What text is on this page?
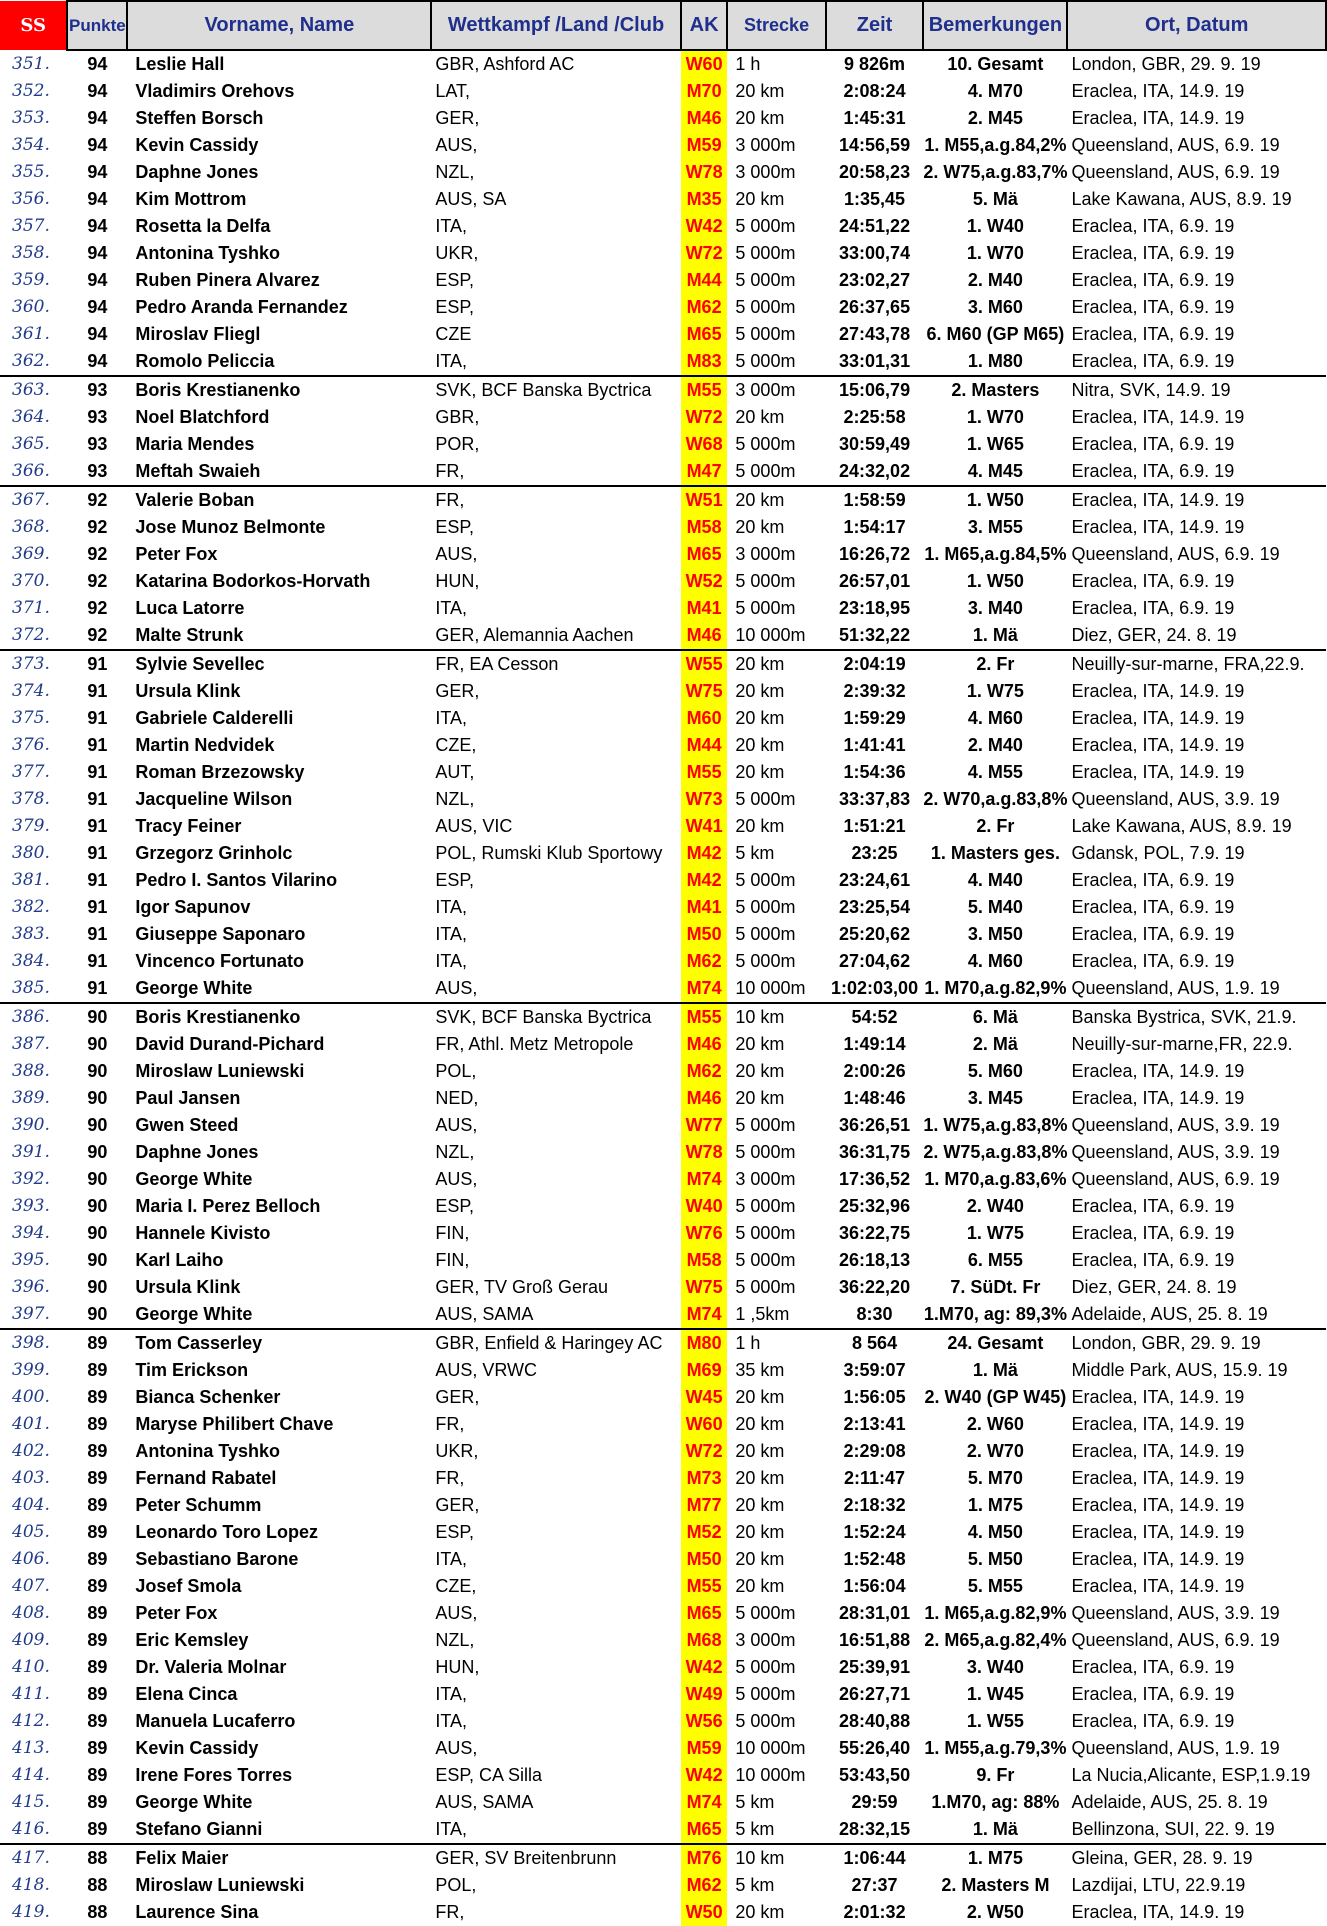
SS	Punkte	Vorname, Name	Wettkampf /Land /Club	AK	Strecke	Zeit	Bemerkungen	Ort, Datum
351.	94	Leslie Hall	GBR, Ashford AC	W60	1 h	9 826m	10. Gesamt	London, GBR, 29. 9. 19
352.	94	Vladimirs Orehovs	LAT,	M70	20 km	2:08:24	4. M70	Eraclea, ITA, 14.9. 19
353.	94	Steffen Borsch	GER,	M46	20 km	1:45:31	2. M45	Eraclea, ITA, 14.9. 19
354.	94	Kevin Cassidy	AUS,	M59	3 000m	14:56,59	1. M55,a.g.84,2%	Queensland, AUS, 6.9. 19
355.	94	Daphne Jones	NZL,	W78	3 000m	20:58,23	2. W75,a.g.83,7%	Queensland, AUS, 6.9. 19
356.	94	Kim Mottrom	AUS, SA	M35	20 km	1:35,45	5. Mä	Lake Kawana, AUS, 8.9. 19
357.	94	Rosetta la Delfa	ITA,	W42	5 000m	24:51,22	1. W40	Eraclea, ITA, 6.9. 19
358.	94	Antonina Tyshko	UKR,	W72	5 000m	33:00,74	1. W70	Eraclea, ITA, 6.9. 19
359.	94	Ruben Pinera Alvarez	ESP,	M44	5 000m	23:02,27	2. M40	Eraclea, ITA, 6.9. 19
360.	94	Pedro Aranda Fernandez	ESP,	M62	5 000m	26:37,65	3. M60	Eraclea, ITA, 6.9. 19
361.	94	Miroslav Fliegl	CZE	M65	5 000m	27:43,78	6. M60 (GP M65)	Eraclea, ITA, 6.9. 19
362.	94	Romolo Peliccia	ITA,	M83	5 000m	33:01,31	1. M80	Eraclea, ITA, 6.9. 19
363.	93	Boris Krestianenko	SVK, BCF Banska Byctrica	M55	3 000m	15:06,79	2. Masters	Nitra, SVK, 14.9. 19
364.	93	Noel Blatchford	GBR,	W72	20 km	2:25:58	1. W70	Eraclea, ITA, 14.9. 19
365.	93	Maria Mendes	POR,	W68	5 000m	30:59,49	1. W65	Eraclea, ITA, 6.9. 19
366.	93	Meftah Swaieh	FR,	M47	5 000m	24:32,02	4. M45	Eraclea, ITA, 6.9. 19
367.	92	Valerie Boban	FR,	W51	20 km	1:58:59	1. W50	Eraclea, ITA, 14.9. 19
368.	92	Jose Munoz Belmonte	ESP,	M58	20 km	1:54:17	3. M55	Eraclea, ITA, 14.9. 19
369.	92	Peter Fox	AUS,	M65	3 000m	16:26,72	1. M65,a.g.84,5%	Queensland, AUS, 6.9. 19
370.	92	Katarina Bodorkos-Horvath	HUN,	W52	5 000m	26:57,01	1. W50	Eraclea, ITA, 6.9. 19
371.	92	Luca Latorre	ITA,	M41	5 000m	23:18,95	3. M40	Eraclea, ITA, 6.9. 19
372.	92	Malte Strunk	GER, Alemannia Aachen	M46	10 000m	51:32,22	1. Mä	Diez, GER, 24. 8. 19
373.	91	Sylvie Sevellec	FR, EA Cesson	W55	20 km	2:04:19	2. Fr	Neuilly-sur-marne, FRA,22.9.
374.	91	Ursula Klink	GER,	W75	20 km	2:39:32	1. W75	Eraclea, ITA, 14.9. 19
375.	91	Gabriele Calderelli	ITA,	M60	20 km	1:59:29	4. M60	Eraclea, ITA, 14.9. 19
376.	91	Martin Nedvidek	CZE,	M44	20 km	1:41:41	2. M40	Eraclea, ITA, 14.9. 19
377.	91	Roman Brzezowsky	AUT,	M55	20 km	1:54:36	4. M55	Eraclea, ITA, 14.9. 19
378.	91	Jacqueline Wilson	NZL,	W73	5 000m	33:37,83	2. W70,a.g.83,8%	Queensland, AUS, 3.9. 19
379.	91	Tracy Feiner	AUS, VIC	W41	20 km	1:51:21	2. Fr	Lake Kawana, AUS, 8.9. 19
380.	91	Grzegorz Grinholc	POL, Rumski Klub Sportowy	M42	5 km	23:25	1. Masters ges.	Gdansk, POL, 7.9. 19
381.	91	Pedro I. Santos Vilarino	ESP,	M42	5 000m	23:24,61	4. M40	Eraclea, ITA, 6.9. 19
382.	91	Igor Sapunov	ITA,	M41	5 000m	23:25,54	5. M40	Eraclea, ITA, 6.9. 19
383.	91	Giuseppe Saponaro	ITA,	M50	5 000m	25:20,62	3. M50	Eraclea, ITA, 6.9. 19
384.	91	Vincenco Fortunato	ITA,	M62	5 000m	27:04,62	4. M60	Eraclea, ITA, 6.9. 19
385.	91	George White	AUS,	M74	10 000m	1:02:03,00	1. M70,a.g.82,9%	Queensland, AUS, 1.9. 19
386.	90	Boris Krestianenko	SVK, BCF Banska Byctrica	M55	10 km	54:52	6. Mä	Banska Bystrica, SVK, 21.9.
387.	90	David Durand-Pichard	FR, Athl. Metz Metropole	M46	20 km	1:49:14	2. Mä	Neuilly-sur-marne,FR, 22.9.
388.	90	Miroslaw Luniewski	POL,	M62	20 km	2:00:26	5. M60	Eraclea, ITA, 14.9. 19
389.	90	Paul Jansen	NED,	M46	20 km	1:48:46	3. M45	Eraclea, ITA, 14.9. 19
390.	90	Gwen Steed	AUS,	W77	5 000m	36:26,51	1. W75,a.g.83,8%	Queensland, AUS, 3.9. 19
391.	90	Daphne Jones	NZL,	W78	5 000m	36:31,75	2. W75,a.g.83,8%	Queensland, AUS, 3.9. 19
392.	90	George White	AUS,	M74	3 000m	17:36,52	1. M70,a.g.83,6%	Queensland, AUS, 6.9. 19
393.	90	Maria I. Perez Belloch	ESP,	W40	5 000m	25:32,96	2. W40	Eraclea, ITA, 6.9. 19
394.	90	Hannele Kivisto	FIN,	W76	5 000m	36:22,75	1. W75	Eraclea, ITA, 6.9. 19
395.	90	Karl Laiho	FIN,	M58	5 000m	26:18,13	6. M55	Eraclea, ITA, 6.9. 19
396.	90	Ursula Klink	GER, TV Groß Gerau	W75	5 000m	36:22,20	7. SüDt. Fr	Diez, GER, 24. 8. 19
397.	90	George White	AUS, SAMA	M74	1 ,5km	8:30	1.M70, ag: 89,3%	Adelaide, AUS, 25. 8. 19
398.	89	Tom Casserley	GBR, Enfield & Haringey AC	M80	1 h	8 564	24. Gesamt	London, GBR, 29. 9. 19
399.	89	Tim Erickson	AUS, VRWC	M69	35 km	3:59:07	1. Mä	Middle Park, AUS, 15.9. 19
400.	89	Bianca Schenker	GER,	W45	20 km	1:56:05	2. W40 (GP W45)	Eraclea, ITA, 14.9. 19
401.	89	Maryse Philibert Chave	FR,	W60	20 km	2:13:41	2. W60	Eraclea, ITA, 14.9. 19
402.	89	Antonina Tyshko	UKR,	W72	20 km	2:29:08	2. W70	Eraclea, ITA, 14.9. 19
403.	89	Fernand Rabatel	FR,	M73	20 km	2:11:47	5. M70	Eraclea, ITA, 14.9. 19
404.	89	Peter Schumm	GER,	M77	20 km	2:18:32	1. M75	Eraclea, ITA, 14.9. 19
405.	89	Leonardo Toro Lopez	ESP,	M52	20 km	1:52:24	4. M50	Eraclea, ITA, 14.9. 19
406.	89	Sebastiano Barone	ITA,	M50	20 km	1:52:48	5. M50	Eraclea, ITA, 14.9. 19
407.	89	Josef Smola	CZE,	M55	20 km	1:56:04	5. M55	Eraclea, ITA, 14.9. 19
408.	89	Peter Fox	AUS,	M65	5 000m	28:31,01	1. M65,a.g.82,9%	Queensland, AUS, 3.9. 19
409.	89	Eric Kemsley	NZL,	M68	3 000m	16:51,88	2. M65,a.g.82,4%	Queensland, AUS, 6.9. 19
410.	89	Dr. Valeria Molnar	HUN,	W42	5 000m	25:39,91	3. W40	Eraclea, ITA, 6.9. 19
411.	89	Elena Cinca	ITA,	W49	5 000m	26:27,71	1. W45	Eraclea, ITA, 6.9. 19
412.	89	Manuela Lucaferro	ITA,	W56	5 000m	28:40,88	1. W55	Eraclea, ITA, 6.9. 19
413.	89	Kevin Cassidy	AUS,	M59	10 000m	55:26,40	1. M55,a.g.79,3%	Queensland, AUS, 1.9. 19
414.	89	Irene Fores Torres	ESP, CA Silla	W42	10 000m	53:43,50	9. Fr	La Nucia,Alicante, ESP,1.9.19
415.	89	George White	AUS, SAMA	M74	5 km	29:59	1.M70, ag: 88%	Adelaide, AUS, 25. 8. 19
416.	89	Stefano Gianni	ITA,	M65	5 km	28:32,15	1. Mä	Bellinzona, SUI, 22. 9. 19
417.	88	Felix Maier	GER, SV Breitenbrunn	M76	10 km	1:06:44	1. M75	Gleina, GER, 28. 9. 19
418.	88	Miroslaw Luniewski	POL,	M62	5 km	27:37	2. Masters M	Lazdijai, LTU, 22.9.19
419.	88	Laurence Sina	FR,	W50	20 km	2:01:32	2. W50	Eraclea, ITA, 14.9. 19
